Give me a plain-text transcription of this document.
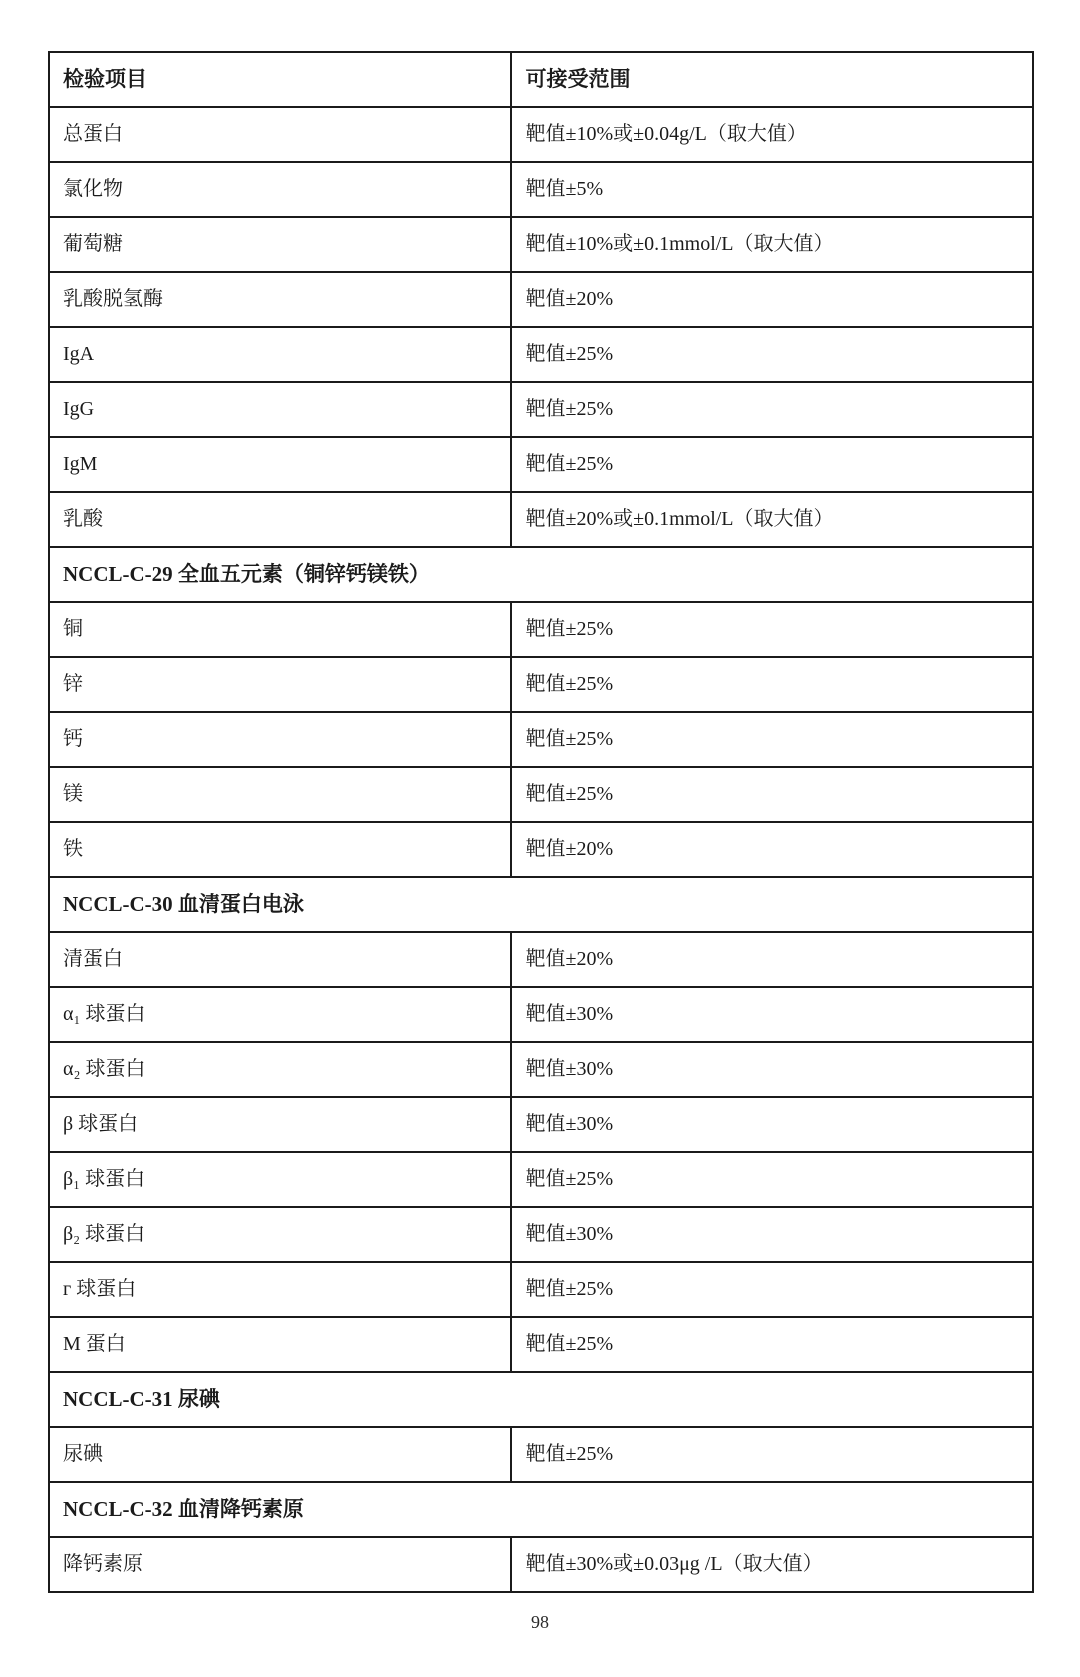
检验项目	可接受范围
总蛋白	靶值±10%或±0.04g/L（取大值）
氯化物	靶值±5%
葡萄糖	靶值±10%或±0.1mmol/L（取大值）
乳酸脱氢酶	靶值±20%
IgA	靶值±25%
IgG	靶值±25%
IgM	靶值±25%
乳酸	靶值±20%或±0.1mmol/L（取大值）
NCCL-C-29 全血五元素（铜锌钙镁铁）	
铜	靶值±25%
锌	靶值±25%
钙	靶值±25%
镁	靶值±25%
铁	靶值±20%
NCCL-C-30 血清蛋白电泳	
清蛋白	靶值±20%
α₁ 球蛋白	靶值±30%
α₂ 球蛋白	靶值±30%
β 球蛋白	靶值±30%
β₁ 球蛋白	靶值±25%
β₂ 球蛋白	靶值±30%
г 球蛋白	靶值±25%
M 蛋白	靶值±25%
NCCL-C-31 尿碘	
尿碘	靶值±25%
NCCL-C-32 血清降钙素原	
降钙素原	靶值±30%或±0.03μg /L（取大值）
98
